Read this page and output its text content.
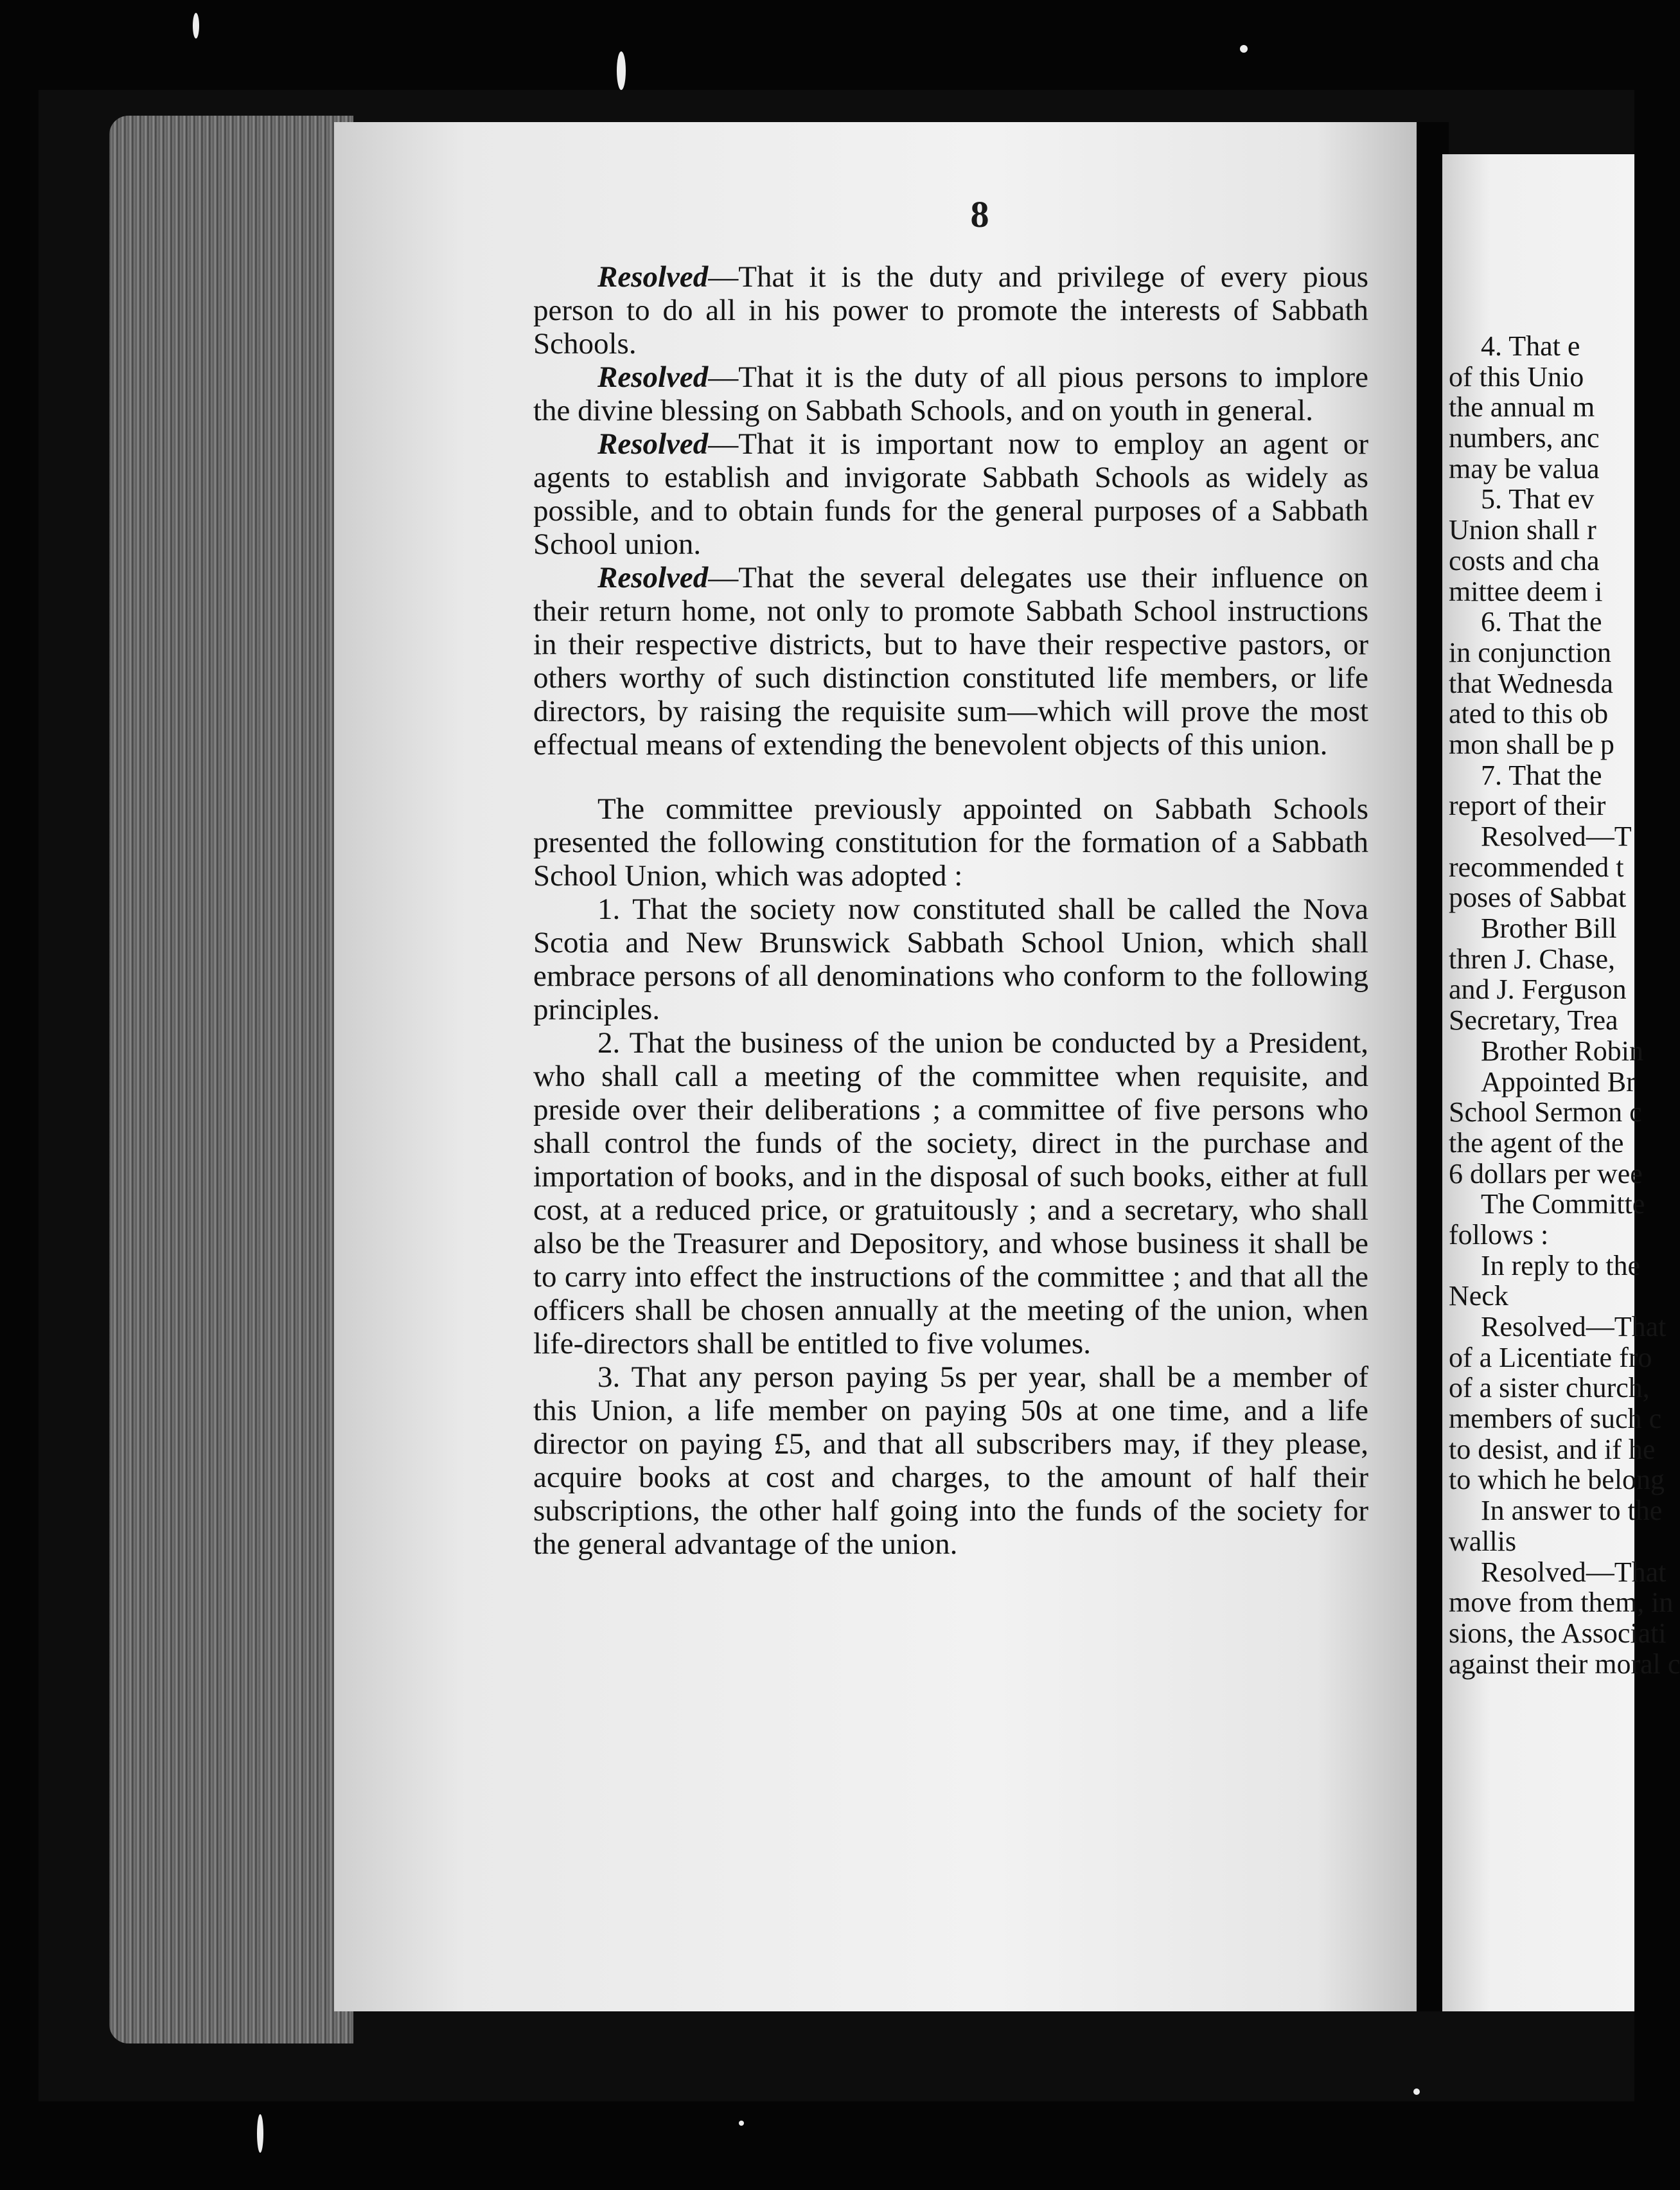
8

Resolved—That it is the duty and privilege of every pious person to do all in his power to promote the interests of Sabbath Schools.

Resolved—That it is the duty of all pious persons to implore the divine blessing on Sabbath Schools, and on youth in general.

Resolved—That it is important now to employ an agent or agents to establish and invigorate Sabbath Schools as widely as possible, and to obtain funds for the general purposes of a Sabbath School union.

Resolved—That the several delegates use their influence on their return home, not only to promote Sabbath School instructions in their respective districts, but to have their respective pastors, or others worthy of such distinction constituted life members, or life directors, by raising the requisite sum—which will prove the most effectual means of extending the benevolent objects of this union.

The committee previously appointed on Sabbath Schools presented the following constitution for the formation of a Sabbath School Union, which was adopted :

1. That the society now constituted shall be called the Nova Scotia and New Brunswick Sabbath School Union, which shall embrace persons of all denominations who conform to the following principles.

2. That the business of the union be conducted by a President, who shall call a meeting of the committee when requisite, and preside over their deliberations ; a committee of five persons who shall control the funds of the society, direct in the purchase and importation of books, and in the disposal of such books, either at full cost, at a reduced price, or gratuitously ; and a secretary, who shall also be the Treasurer and Depository, and whose business it shall be to carry into effect the instructions of the committee ; and that all the officers shall be chosen annually at the meeting of the union, when life-directors shall be entitled to five volumes.

3. That any person paying 5s per year, shall be a member of this Union, a life member on paying 50s at one time, and a life director on paying £5, and that all subscribers may, if they please, acquire books at cost and charges, to the amount of half their subscriptions, the other half going into the funds of the society for the general advantage of the union.

4. That e
of this Unio
the annual m
numbers, anc
may be valua
5. That ev
Union shall r
costs and cha
mittee deem i
6. That the
in conjunction
that Wednesda
ated to this ob
mon shall be p
7. That the
report of their
Resolved—T
recommended t
poses of Sabbat
Brother Bill
thren J. Chase,
and J. Ferguson
Secretary, Trea
Brother Robin
Appointed Br
School Sermon c
the agent of the
6 dollars per wee
The Committe
follows :
In reply to the
Neck
Resolved—That
of a Licentiate fro
of a sister church,
members of such c
to desist, and if he
to which he belong
In answer to the
wallis
Resolved—That
move from them, in
sions, the Associati
against their moral c
